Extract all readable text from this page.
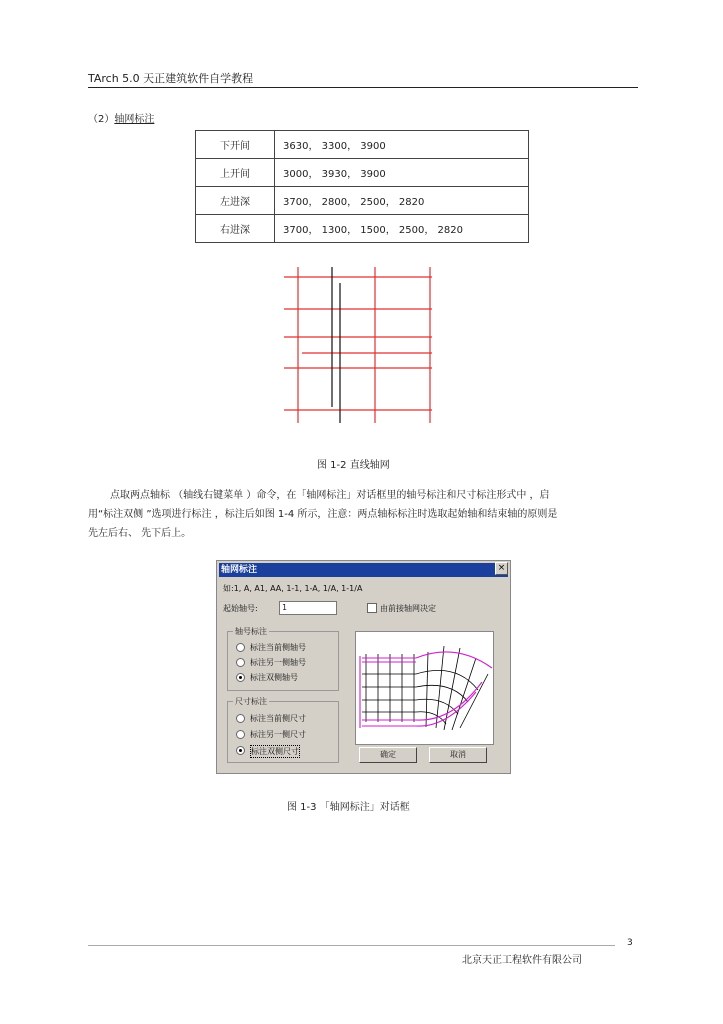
TArch 5.0 天正建筑软件自学教程
（2）轴网标注
下开间	3630， 3300， 3900
上开间	3000， 3930， 3900
左进深	3700， 2800， 2500， 2820
右进深	3700， 1300， 1500， 2500， 2820
图 1-2 直线轴网
点取两点轴标 （轴线右键菜单 ）命令，在「轴网标注」对话框里的轴号标注和尺寸标注形式中 ，启
用“标注双侧 ”选项进行标注 ，标注后如图 1-4 所示，注意：两点轴标标注时选取起始轴和结束轴的原则是
先左后右、 先下后上。
轴网标注	×
如:1, A, A1, AA, 1-1, 1-A, 1/A, 1-1/A
起始轴号:	1	由前接轴网决定
轴号标注
标注当前侧轴号
标注另一侧轴号
标注双侧轴号
尺寸标注
标注当前侧尺寸
标注另一侧尺寸
标注双侧尺寸	确定	取消
图 1-3 「轴网标注」对话框
3
北京天正工程软件有限公司
